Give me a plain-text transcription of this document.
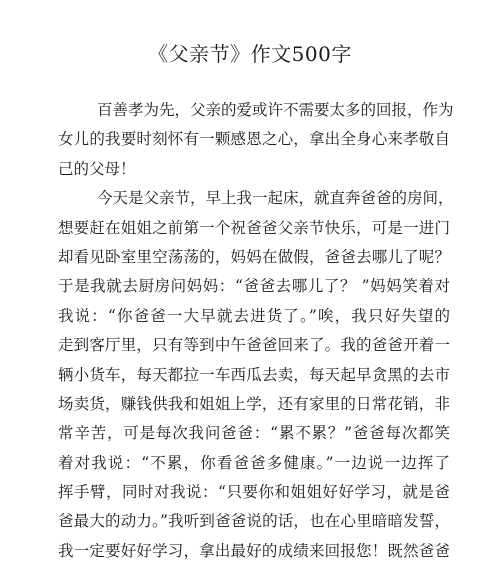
《父亲节》作文500字
百善孝为先，父亲的爱或许不需要太多的回报，作为
女儿的我要时刻怀有一颗感恩之心，拿出全身心来孝敬自
己的父母！
今天是父亲节，早上我一起床，就直奔爸爸的房间，
想要赶在姐姐之前第一个祝爸爸父亲节快乐，可是一进门
却看见卧室里空荡荡的，妈妈在做假，爸爸去哪儿了呢？
于是我就去厨房问妈妈：“爸爸去哪儿了？ ”妈妈笑着对
我说：“你爸爸一大早就去进货了。”唉，我只好失望的
走到客厅里，只有等到中午爸爸回来了。我的爸爸开着一
辆小货车，每天都拉一车西瓜去卖，每天起早贪黑的去市
场卖货，赚钱供我和姐姐上学，还有家里的日常花销，非
常辛苦，可是每次我问爸爸：“累不累？”爸爸每次都笑
着对我说：“不累，你看爸爸多健康。”一边说一边挥了
挥手臂，同时对我说：“只要你和姐姐好好学习，就是爸
爸最大的动力。”我听到爸爸说的话，也在心里暗暗发誓，
我一定要好好学习，拿出最好的成绩来回报您！既然爸爸
